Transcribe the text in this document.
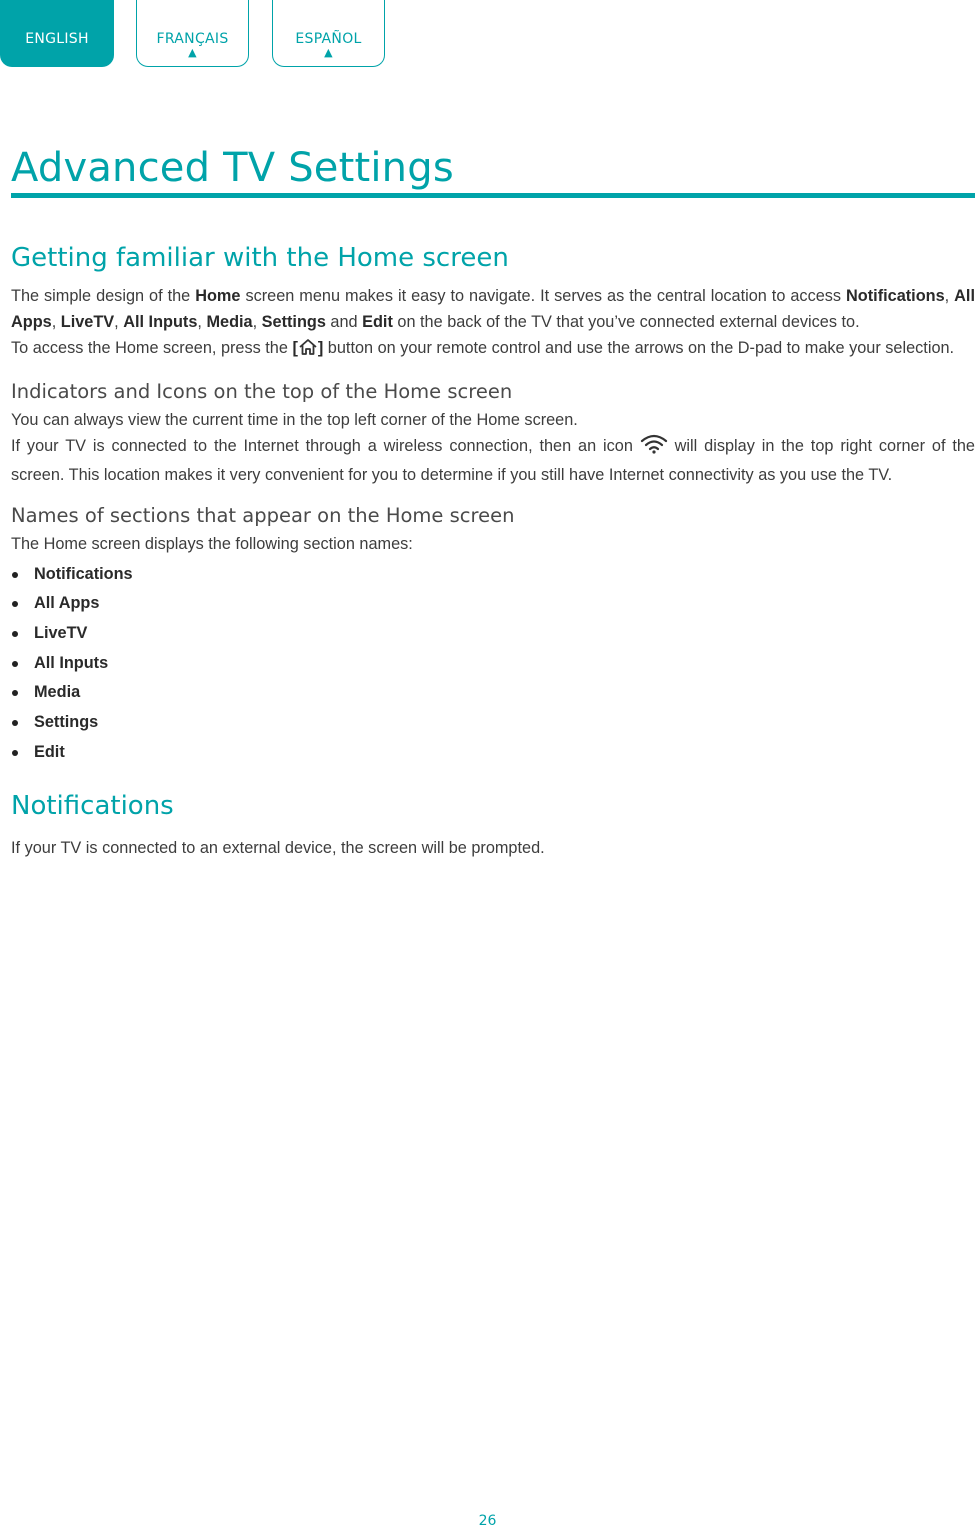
ENGLISH	FRANÇAIS
▲
ESPAÑOL
▲
Advanced TV Settings
Getting familiar with the Home screen

The simple design of the Home screen menu makes it easy to navigate. It serves as the central location to access Notifications, All Apps, LiveTV, All Inputs, Media, Settings and Edit on the back of the TV that you’ve connected external devices to.

To access the Home screen, press the [ ] button on your remote control and use the arrows on the D-pad to make your selection.

Indicators and Icons on the top of the Home screen

You can always view the current time in the top left corner of the Home screen.

If your TV is connected to the Internet through a wireless connection, then an icon  will display in the top right corner of the screen. This location makes it very convenient for you to determine if you still have Internet connectivity as you use the TV.

Names of sections that appear on the Home screen

The Home screen displays the following section names:

Notifications
All Apps
LiveTV
All Inputs
Media
Settings
Edit
Notifications

If your TV is connected to an external device, the screen will be prompted.

26
